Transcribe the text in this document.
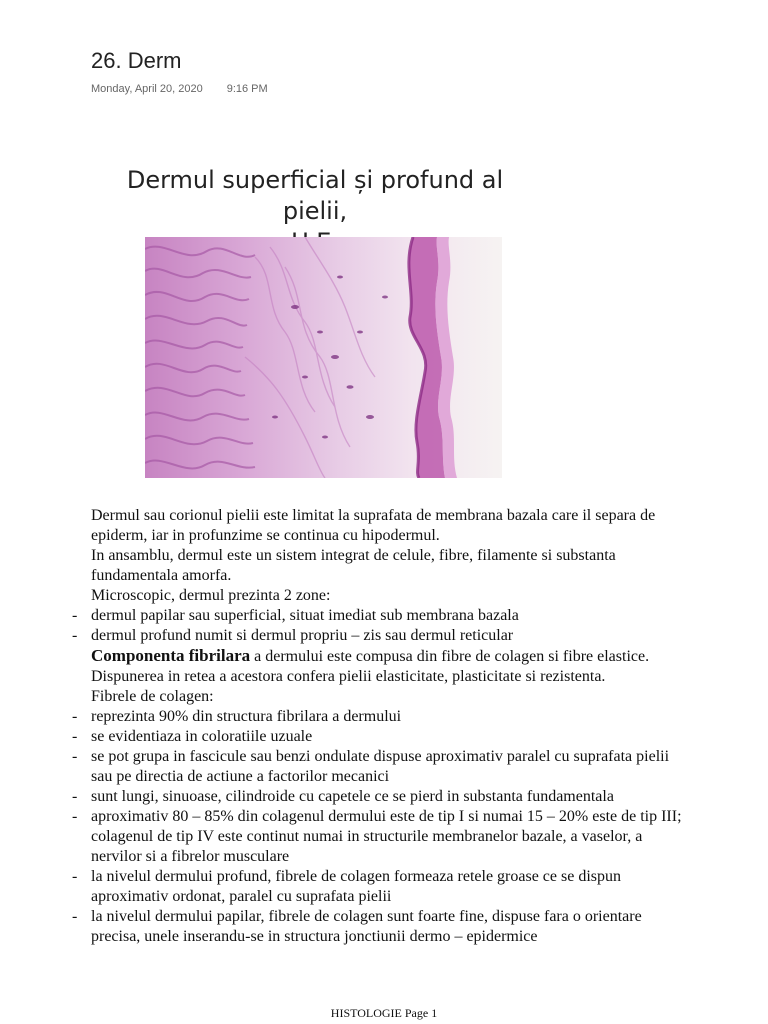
26. Derm
Monday, April 20, 2020 9:16 PM
Dermul superficial și profund al pielii,
Dermul sau corionul pielii este limitat la suprafata de membrana bazala care il separa de epiderm, iar in profunzime se continua cu hipodermul.
In ansamblu, dermul este un sistem integrat de celule, fibre, filamente si substanta fundamentala amorfa.
Microscopic, dermul prezinta 2 zone:
- dermul papilar sau superficial, situat imediat sub membrana bazala
- dermul profund numit si dermul propriu – zis sau dermul reticular
Componenta fibrilara a dermului este compusa din fibre de colagen si fibre elastice. Dispunerea in retea a acestora confera pielii elasticitate, plasticitate si rezistenta.
Fibrele de colagen:
- reprezinta 90% din structura fibrilara a dermului
- se evidentiaza in coloratiile uzuale
- se pot grupa in fascicule sau benzi ondulate dispuse aproximativ paralel cu suprafata pielii sau pe directia de actiune a factorilor mecanici
- sunt lungi, sinuoase, cilindroide cu capetele ce se pierd in substanta fundamentala
- aproximativ 80 – 85% din colagenul dermului este de tip I si numai 15 – 20% este de tip III; colagenul de tip IV este continut numai in structurile membranelor bazale, a vaselor, a nervilor si a fibrelor musculare
- la nivelul dermului profund, fibrele de colagen formeaza retele groase ce se dispun aproximativ ordonat, paralel cu suprafata pielii
- la nivelul dermului papilar, fibrele de colagen sunt foarte fine, dispuse fara o orientare precisa, unele inserandu-se in structura jonctiunii dermo – epidermice
HISTOLOGIE Page 1
